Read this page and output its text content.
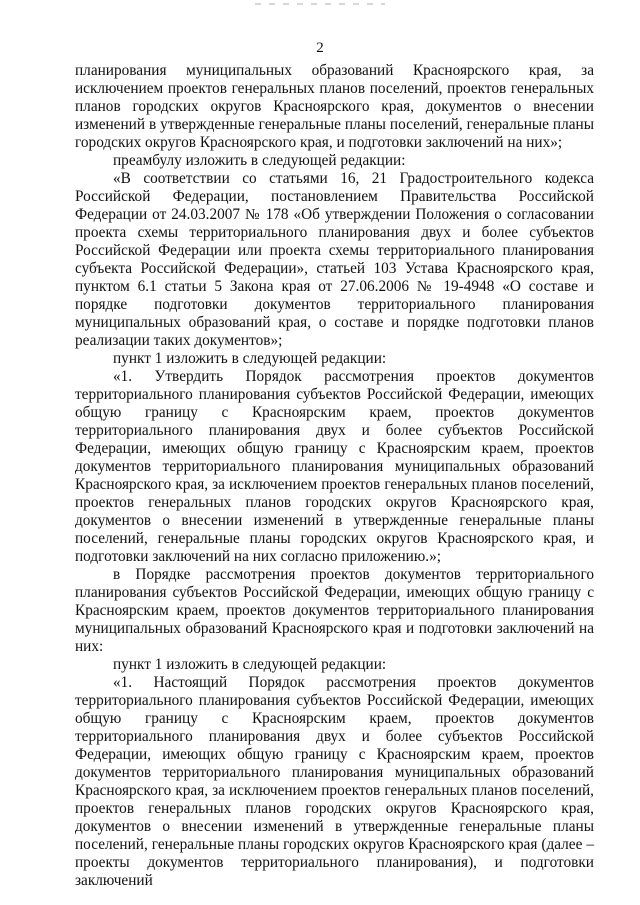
2

планирования муниципальных образований Красноярского края, за исключением проектов генеральных планов поселений, проектов генеральных планов городских округов Красноярского края, документов о внесении изменений в утвержденные генеральные планы поселений, генеральные планы городских округов Красноярского края, и подготовки заключений на них»;

преамбулу изложить в следующей редакции:

«В соответствии со статьями 16, 21 Градостроительного кодекса Российской Федерации, постановлением Правительства Российской Федерации от 24.03.2007 № 178 «Об утверждении Положения о согласовании проекта схемы территориального планирования двух и более субъектов Российской Федерации или проекта схемы территориального планирования субъекта Российской Федерации», статьей 103 Устава Красноярского края, пунктом 6.1 статьи 5 Закона края от 27.06.2006 № 19-4948 «О составе и порядке подготовки документов территориального планирования муниципальных образований края, о составе и порядке подготовки планов реализации таких документов»;

пункт 1 изложить в следующей редакции:

«1. Утвердить Порядок рассмотрения проектов документов территориального планирования субъектов Российской Федерации, имеющих общую границу с Красноярским краем, проектов документов территориального планирования двух и более субъектов Российской Федерации, имеющих общую границу с Красноярским краем, проектов документов территориального планирования муниципальных образований Красноярского края, за исключением проектов генеральных планов поселений, проектов генеральных планов городских округов Красноярского края, документов о внесении изменений в утвержденные генеральные планы поселений, генеральные планы городских округов Красноярского края, и подготовки заключений на них согласно приложению.»;

в Порядке рассмотрения проектов документов территориального планирования субъектов Российской Федерации, имеющих общую границу с Красноярским краем, проектов документов территориального планирования муниципальных образований Красноярского края и подготовки заключений на них:

пункт 1 изложить в следующей редакции:

«1. Настоящий Порядок рассмотрения проектов документов территориального планирования субъектов Российской Федерации, имеющих общую границу с Красноярским краем, проектов документов территориального планирования двух и более субъектов Российской Федерации, имеющих общую границу с Красноярским краем, проектов документов территориального планирования муниципальных образований Красноярского края, за исключением проектов генеральных планов поселений, проектов генеральных планов городских округов Красноярского края, документов о внесении изменений в утвержденные генеральные планы поселений, генеральные планы городских округов Красноярского края (далее – проекты документов территориального планирования), и подготовки заключений
